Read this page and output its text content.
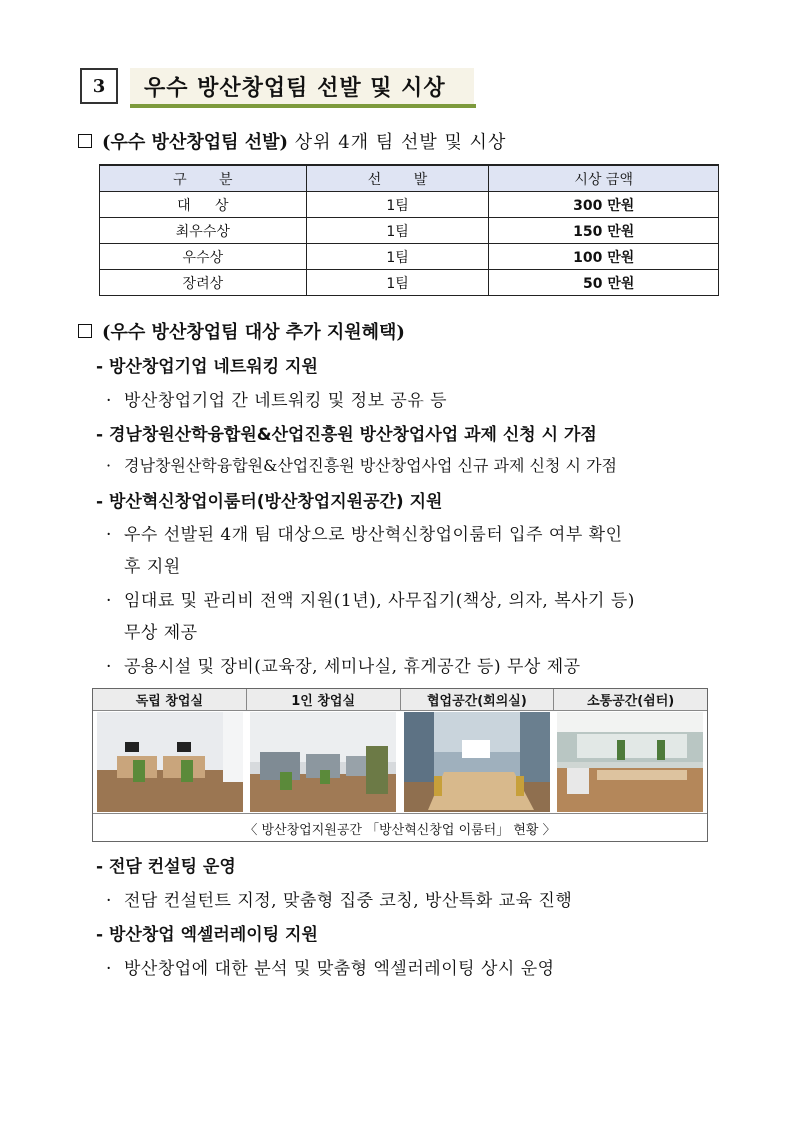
3	우수 방산창업팀 선발 및 시상
(우수 방산창업팀 선발) 상위 4개 팀 선발 및 시상
구 분	선 발	시상 금액
대 상	1팀	300 만원
최우수상	1팀	150 만원
우수상	1팀	100 만원
장려상	1팀	50 만원
(우수 방산창업팀 대상 추가 지원혜택)
- 방산창업기업 네트워킹 지원
· 방산창업기업 간 네트워킹 및 정보 공유 등
- 경남창원산학융합원&산업진흥원 방산창업사업 과제 신청 시 가점
· 경남창원산학융합원&산업진흥원 방산창업사업 신규 과제 신청 시 가점
- 방산혁신창업이룸터(방산창업지원공간) 지원
· 우수 선발된 4개 팀 대상으로 방산혁신창업이룸터 입주 여부 확인
후 지원
· 임대료 및 관리비 전액 지원(1년), 사무집기(책상, 의자, 복사기 등)
무상 제공
· 공용시설 및 장비(교육장, 세미나실, 휴게공간 등) 무상 제공
독립 창업실	1인 창업실	협업공간(회의실)	소통공간(쉼터)
〈 방산창업지원공간 「방산혁신창업 이룸터」 현황 〉
- 전담 컨설팅 운영
· 전담 컨설턴트 지정, 맞춤형 집중 코칭, 방산특화 교육 진행
- 방산창업 엑셀러레이팅 지원
· 방산창업에 대한 분석 및 맞춤형 엑셀러레이팅 상시 운영
